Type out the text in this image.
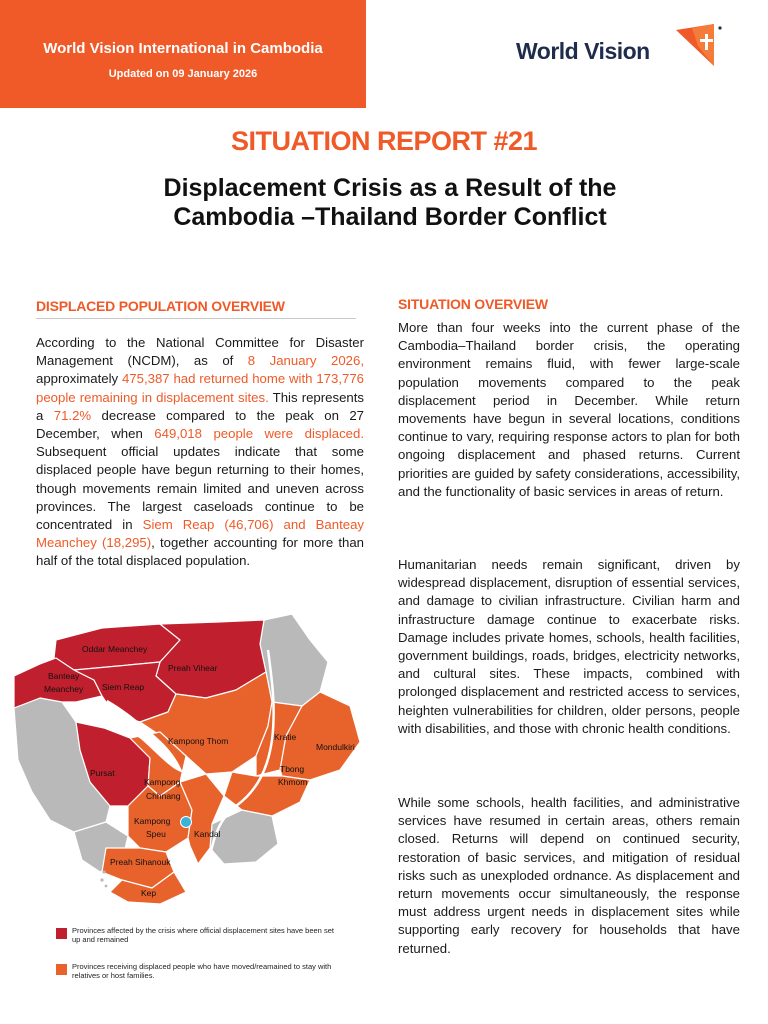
World Vision International in Cambodia
Updated on 09 January 2026
World Vision
SITUATION REPORT #21
Displacement Crisis as a Result of the
Cambodia –Thailand Border Conflict
DISPLACED POPULATION OVERVIEW

According to the National Committee for Disaster Management (NCDM), as of 8 January 2026, approximately 475,387 had returned home with 173,776 people remaining in displacement sites. This represents a 71.2% decrease compared to the peak on 27 December, when 649,018 people were displaced. Subsequent official updates indicate that some displaced people have begun returning to their homes, though movements remain limited and uneven across provinces. The largest caseloads continue to be concentrated in Siem Reap (46,706) and Banteay Meanchey (18,295), together accounting for more than half of the total displaced population.

SITUATION OVERVIEW

More than four weeks into the current phase of the Cambodia–Thailand border crisis, the operating environment remains fluid, with fewer large-scale population movements compared to the peak displacement period in December. While return movements have begun in several locations, conditions continue to vary, requiring response actors to plan for both ongoing displacement and phased returns. Current priorities are guided by safety considerations, accessibility, and the functionality of basic services in areas of return.

Humanitarian needs remain significant, driven by widespread displacement, disruption of essential services, and damage to civilian infrastructure. Civilian harm and infrastructure damage continue to exacerbate risks. Damage includes private homes, schools, health facilities, government buildings, roads, bridges, electricity networks, and cultural sites. These impacts, combined with prolonged displacement and restricted access to services, heighten vulnerabilities for children, older persons, people with disabilities, and those with chronic health conditions.

While some schools, health facilities, and administrative services have resumed in certain areas, others remain closed. Returns will depend on continued security, restoration of basic services, and mitigation of residual risks such as unexploded ordnance. As displacement and return movements occur simultaneously, the response must address urgent needs in displacement sites while supporting early recovery for households that have returned.

Oddar Meanchey
Preah Vihear
Banteay
Meanchey Siem Reap
Kampong Thom	Kratie
Mondulkiri
Pursat
Kampong
Chhnang
Tbong
Khmom
Kampong
Speu	Kandal
Preah Sihanouk
Kep
Provinces affected by the crisis where official displacement sites have been set up and remained
Provinces receiving displaced people who have moved/reamained to stay with relatives or host families.
